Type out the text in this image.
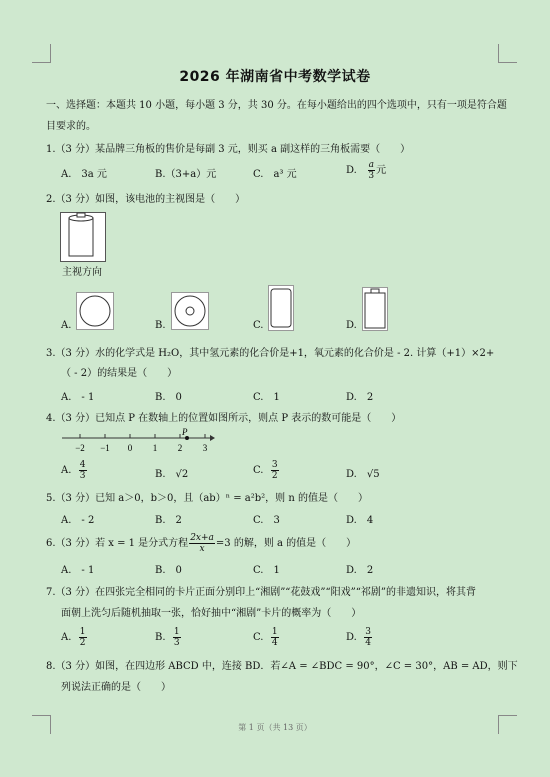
2026 年湖南省中考数学试卷
一、选择题：本题共 10 小题，每小题 3 分，共 30 分。在每小题给出的四个选项中，只有一项是符合题
目要求的。
1.（3 分）某品牌三角板的售价是每副 3 元，则买 a 副这样的三角板需要（　　）
A.　3a 元	B.（3+a）元	C.　a³ 元	D. $\frac{a}{3}$ 元
2.（3 分）如图，该电池的主视图是（　　）
主视方向
A.	B.	C.	D.
3.（3 分）水的化学式是 H₂O，其中氢元素的化合价是+1，氧元素的化合价是 - 2. 计算（+1）×2+
（ - 2）的结果是（　　）
A.　- 1	B.　0	C.　1	D.　2
4.（3 分）已知点 P 在数轴上的位置如图所示，则点 P 表示的数可能是（　　）
−2 −1 0 1 2 3
P
A. $\frac{4}{3}$	B.　√2	C. $\frac{3}{2}$	D.　√5
5.（3 分）已知 a＞0，b＞0，且（ab）ⁿ = a²b²，则 n 的值是（　　）
A.　- 2	B.　2	C.　3	D.　4
6.（3 分）若 x = 1 是分式方程 $\frac{2x+a}{x} =3$ 的解，则 a 的值是（　　）
A.　- 1	B.　0	C.　1	D.　2
7.（3 分）在四张完全相同的卡片正面分别印上“湘剧”“花鼓戏”“阳戏”“祁剧”的非遗知识，将其背
面朝上洗匀后随机抽取一张，恰好抽中“湘剧”卡片的概率为（　　）
A. $\frac{1}{2}$	B. $\frac{1}{3}$	C. $\frac{1}{4}$	D. $\frac{3}{4}$
8.（3 分）如图，在四边形 ABCD 中，连接 BD．若∠A = ∠BDC = 90°，∠C = 30°，AB = AD，则下
列说法正确的是（　　）
第 1 页（共 13 页）
